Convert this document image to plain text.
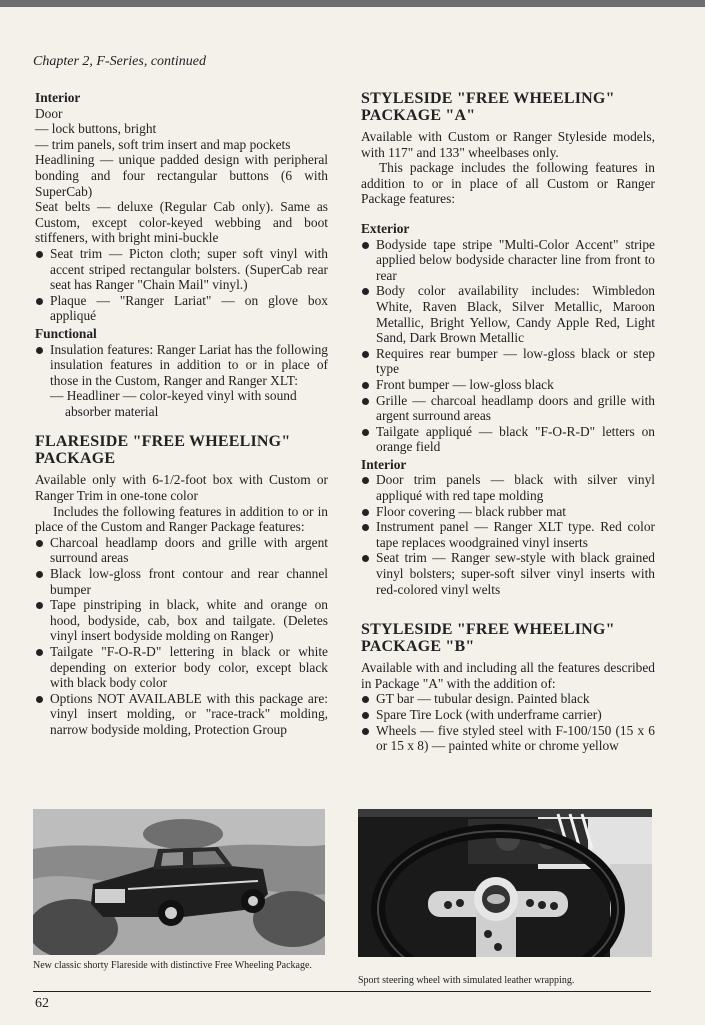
Chapter 2, F-Series, continued

Interior

Door

— lock buttons, bright

— trim panels, soft trim insert and map pockets

Headlining — unique padded design with peripheral bonding and four rectangular buttons (6 with SuperCab)

Seat belts — deluxe (Regular Cab only). Same as Custom, except color-keyed webbing and boot stiffeners, with bright mini-buckle

Seat trim — Picton cloth; super soft vinyl with accent striped rectangular bolsters. (SuperCab rear seat has Ranger "Chain Mail" vinyl.)
Plaque — "Ranger Lariat" — on glove box appliqué

Functional

Insulation features: Ranger Lariat has the following insulation features in addition to or in place of those in the Custom, Ranger and Ranger XLT:

— Headliner — color-keyed vinyl with sound absorber material

FLARESIDE "FREE WHEELING" PACKAGE

Available only with 6-1/2-foot box with Custom or Ranger Trim in one-tone color

Includes the following features in addition to or in place of the Custom and Ranger Package features:

Charcoal headlamp doors and grille with argent surround areas
Black low-gloss front contour and rear channel bumper
Tape pinstriping in black, white and orange on hood, bodyside, cab, box and tailgate. (Deletes vinyl insert bodyside molding on Ranger)
Tailgate "F-O-R-D" lettering in black or white depending on exterior body color, except black with black body color
Options NOT AVAILABLE with this package are: vinyl insert molding, or "race-track" molding, narrow bodyside molding, Protection Group

STYLESIDE "FREE WHEELING" PACKAGE "A"

Available with Custom or Ranger Styleside models, with 117" and 133" wheelbases only.

This package includes the following features in addition to or in place of all Custom or Ranger Package features:

Exterior

Bodyside tape stripe "Multi-Color Accent" stripe applied below bodyside character line from front to rear
Body color availability includes: Wimbledon White, Raven Black, Silver Metallic, Maroon Metallic, Bright Yellow, Candy Apple Red, Light Sand, Dark Brown Metallic
Requires rear bumper — low-gloss black or step type
Front bumper — low-gloss black
Grille — charcoal headlamp doors and grille with argent surround areas
Tailgate appliqué — black "F-O-R-D" letters on orange field

Interior

Door trim panels — black with silver vinyl appliqué with red tape molding
Floor covering — black rubber mat
Instrument panel — Ranger XLT type. Red color tape replaces woodgrained vinyl inserts
Seat trim — Ranger sew-style with black grained vinyl bolsters; super-soft silver vinyl inserts with red-colored vinyl welts

STYLESIDE "FREE WHEELING" PACKAGE "B"

Available with and including all the features described in Package "A" with the addition of:

GT bar — tubular design. Painted black
Spare Tire Lock (with underframe carrier)
Wheels — five styled steel with F-100/150 (15 x 6 or 15 x 8) — painted white or chrome yellow
New classic shorty Flareside with distinctive Free Wheeling Package.
Sport steering wheel with simulated leather wrapping.
62
